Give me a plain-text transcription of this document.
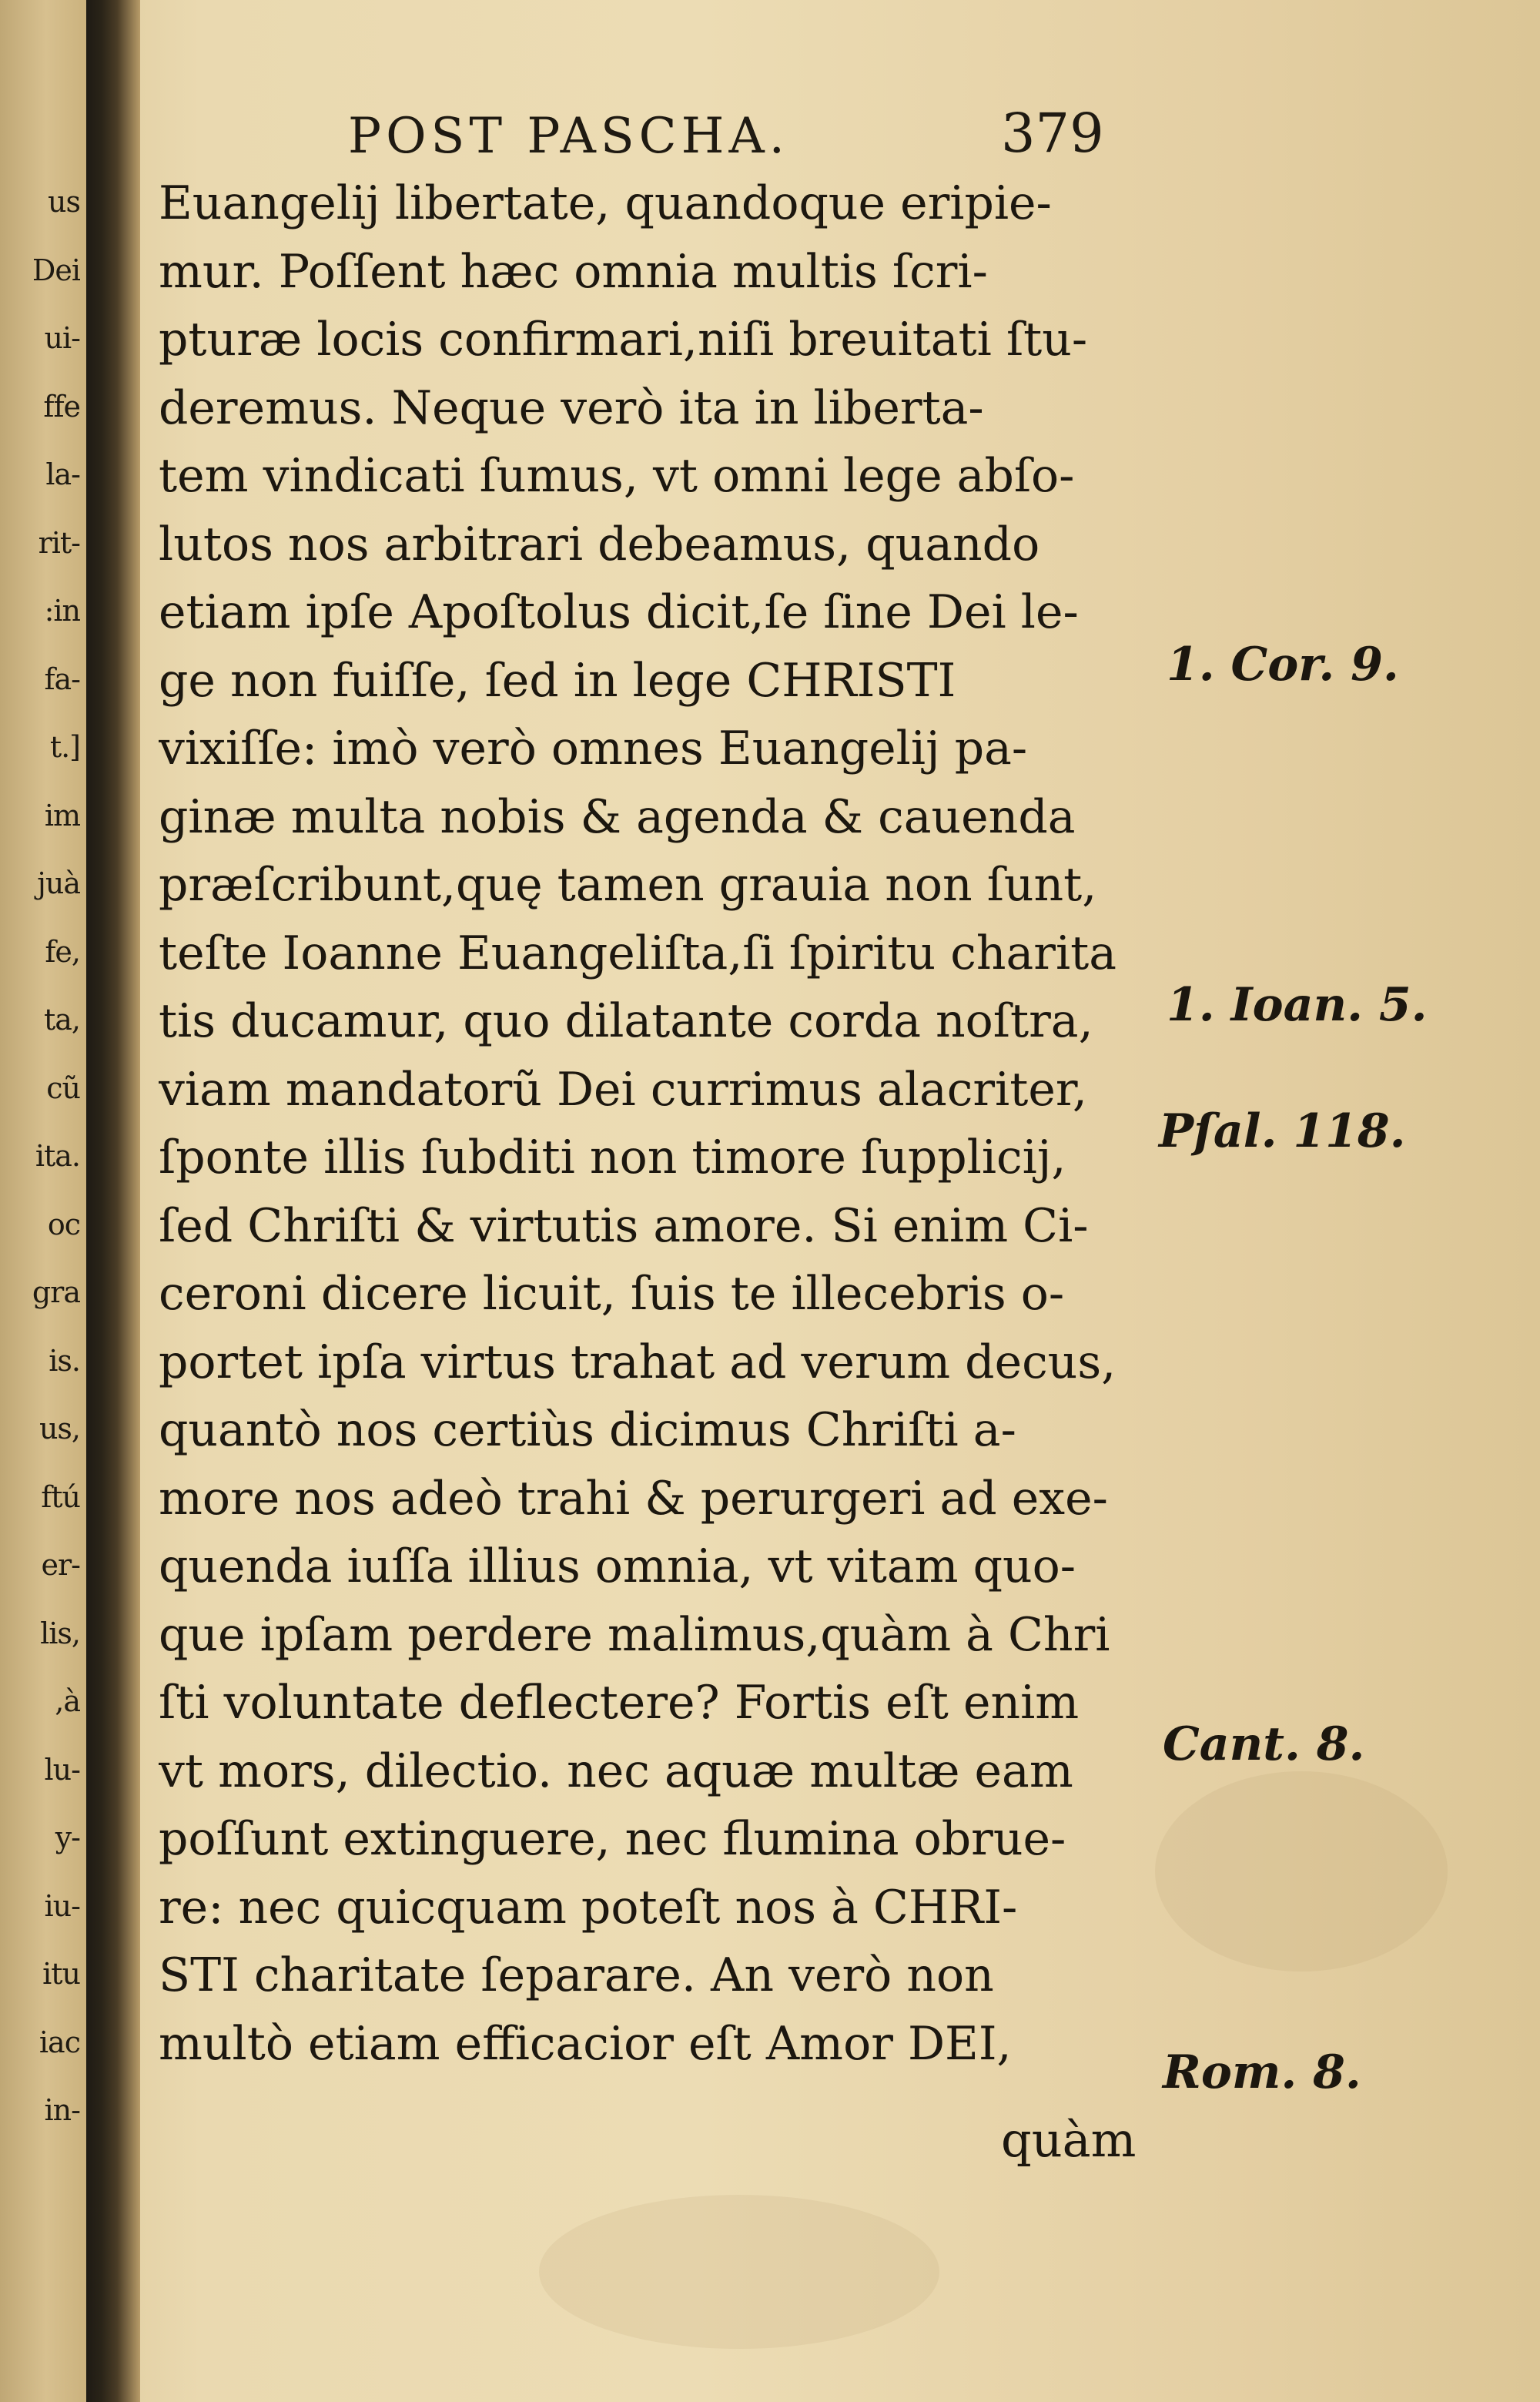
us
Dei
ui-
ffe
la-
rit-
:in
fa-
t.]
im
juà
fe,
ta,
cũ
ita.
oc
gra
is.
us,
ftú
er-
lis,
,à
lu-
y-
iu-
itu
iac
in-
POST PASCHA.	379
Euangelij libertate, quandoque eripie-
mur. Poſſent hæc omnia multis ſcri-
pturæ locis confirmari,niſi breuitati ſtu-
deremus. Neque verò ita in liberta-
tem vindicati ſumus, vt omni lege abſo-
lutos nos arbitrari debeamus, quando
etiam ipſe Apoſtolus dicit,ſe ſine Dei le-
ge non fuiſſe, ſed in lege CHRISTI
vixiſſe: imò verò omnes Euangelij pa-
ginæ multa nobis & agenda & cauenda
præſcribunt,quę tamen grauia non ſunt,
teſte Ioanne Euangeliſta,ſi ſpiritu charita
tis ducamur, quo dilatante corda noſtra,
viam mandatorũ Dei currimus alacriter,
ſponte illis ſubditi non timore ſupplicij,
ſed Chriſti & virtutis amore. Si enim Ci-
ceroni dicere licuit, ſuis te illecebris o-
portet ipſa virtus trahat ad verum decus,
quantò nos certiùs dicimus Chriſti a-
more nos adeò trahi & perurgeri ad exe-
quenda iuſſa illius omnia, vt vitam quo-
que ipſam perdere malimus,quàm à Chri
ſti voluntate deflectere? Fortis eſt enim
vt mors, dilectio. nec aquæ multæ eam
poſſunt extinguere, nec flumina obrue-
re: nec quicquam poteſt nos à CHRI-
STI charitate ſeparare. An verò non
multò etiam efficacior eſt Amor DEI,
1. Cor. 9.
1. Ioan. 5.
Pſal. 118.
Cant. 8.
Rom. 8.
quàm
